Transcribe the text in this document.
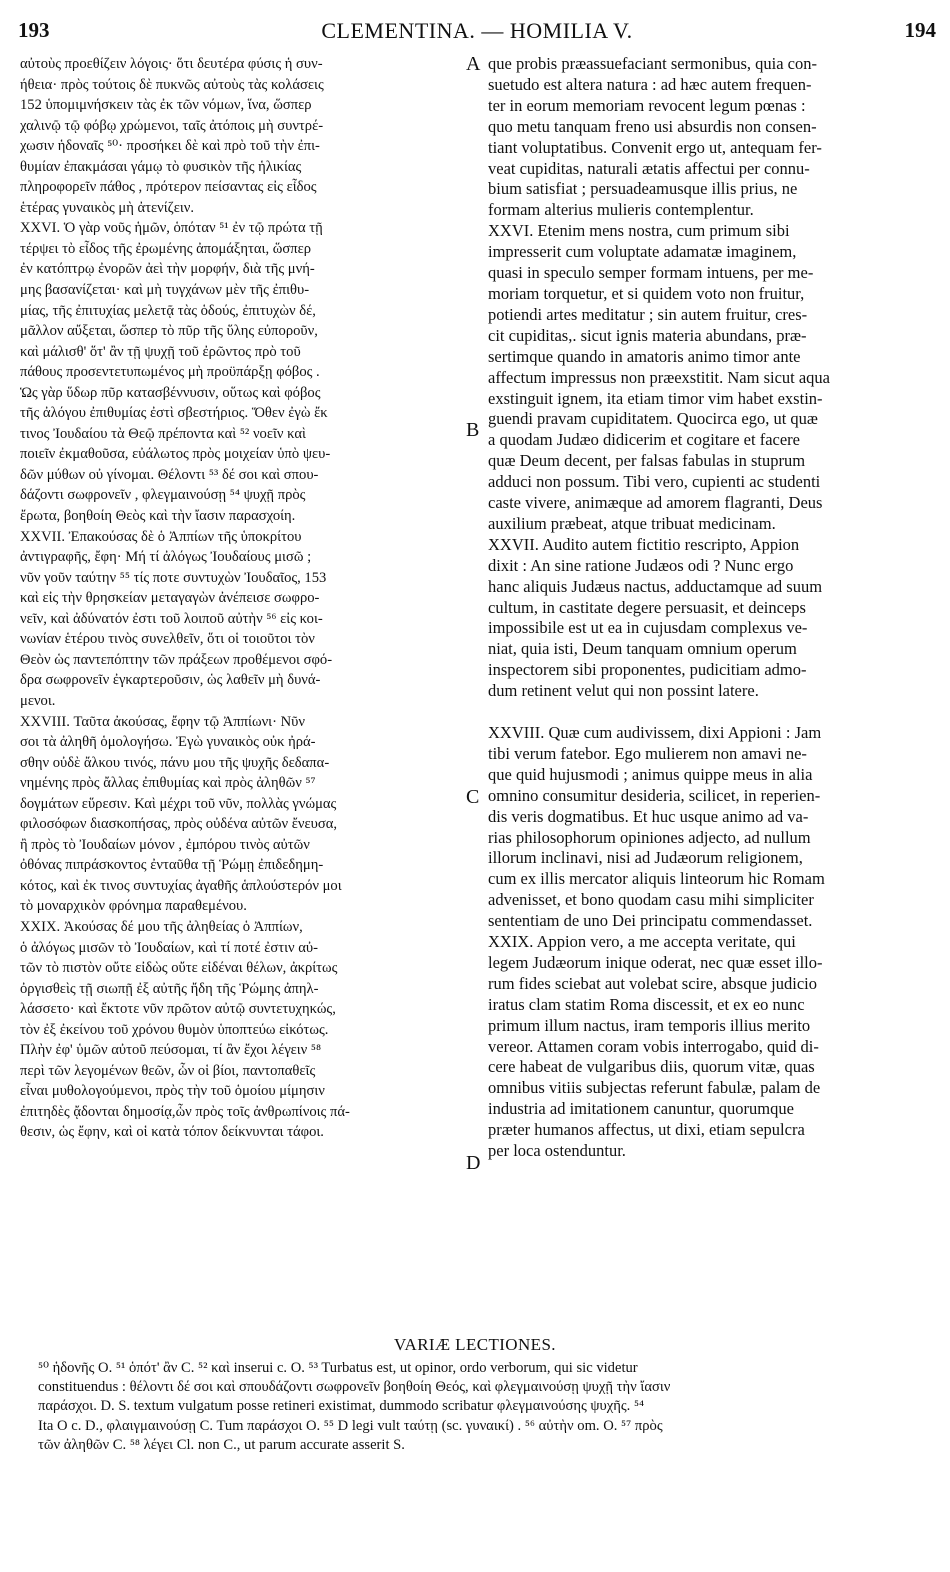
193	CLEMENTINA. — HOMILIA V.	194
αὐτοὺς προεθίζειν λόγοις· ὅτι δευτέρα φύσις ἡ συν-
ήθεια· πρὸς τούτοις δὲ πυκνῶς αὐτοὺς τὰς κολάσεις
152 ὑπομιμνήσκειν τὰς ἐκ τῶν νόμων, ἵνα, ὥσπερ
χαλινῷ τῷ φόβῳ χρώμενοι, ταῖς ἀτόποις μὴ συντρέ-
χωσιν ἡδοναῖς ⁵⁰· προσήκει δὲ καὶ πρὸ τοῦ τὴν ἐπι-
θυμίαν ἐπακμάσαι γάμῳ τὸ φυσικὸν τῆς ἡλικίας
πληροφορεῖν πάθος , πρότερον πείσαντας εἰς εἶδος
ἑτέρας γυναικὸς μὴ ἀτενίζειν.
XXVI. Ὁ γὰρ νοῦς ἡμῶν, ὁπόταν ⁵¹ ἐν τῷ πρώτα τῇ
τέρψει τὸ εἶδος τῆς ἐρωμένης ἀπομάξηται, ὥσπερ
ἐν κατόπτρῳ ἐνορῶν ἀεὶ τὴν μορφήν, διὰ τῆς μνή-
μης βασανίζεται· καὶ μὴ τυγχάνων μὲν τῆς ἐπιθυ-
μίας, τῆς ἐπιτυχίας μελετᾷ τὰς ὁδούς, ἐπιτυχὼν δέ,
μᾶλλον αὔξεται, ὥσπερ τὸ πῦρ τῆς ὕλης εὐποροῦν,
καὶ μάλισθ' ὅτ' ἂν τῇ ψυχῇ τοῦ ἐρῶντος πρὸ τοῦ
πάθους προσεντετυπωμένος μὴ προϋπάρξῃ φόβος .
Ὡς γὰρ ὕδωρ πῦρ κατασβέννυσιν, οὕτως καὶ φόβος
τῆς ἀλόγου ἐπιθυμίας ἐστὶ σβεστήριος. Ὅθεν ἐγὼ ἔκ
τινος Ἰουδαίου τὰ Θεῷ πρέποντα καὶ ⁵² νοεῖν καὶ
ποιεῖν ἐκμαθοῦσα, εὐάλωτος πρὸς μοιχείαν ὑπὸ ψευ-
δῶν μύθων οὐ γίνομαι. Θέλοντι ⁵³ δέ σοι καὶ σπου-
δάζοντι σωφρονεῖν , φλεγμαινούσῃ ⁵⁴ ψυχῇ πρὸς
ἔρωτα, βοηθοίη Θεὸς καὶ τὴν ἴασιν παρασχοίη.
XXVII. Ἐπακούσας δὲ ὁ Ἀππίων τῆς ὑποκρίτου
ἀντιγραφῆς, ἔφη· Μή τί ἀλόγως Ἰουδαίους μισῶ ;
νῦν γοῦν ταύτην ⁵⁵ τίς ποτε συντυχὼν Ἰουδαῖος, 153
καὶ εἰς τὴν θρησκείαν μεταγαγὼν ἀνέπεισε σωφρο-
νεῖν, καὶ ἀδύνατόν ἐστι τοῦ λοιποῦ αὐτὴν ⁵⁶ εἰς κοι-
νωνίαν ἑτέρου τινὸς συνελθεῖν, ὅτι οἱ τοιοῦτοι τὸν
Θεὸν ὡς παντεπόπτην τῶν πράξεων προθέμενοι σφό-
δρα σωφρονεῖν ἐγκαρτεροῦσιν, ὡς λαθεῖν μὴ δυνά-
μενοι.
XXVIII. Ταῦτα ἀκούσας, ἔφην τῷ Ἀππίωνι· Νῦν
σοι τὰ ἀληθῆ ὁμολογήσω. Ἐγὼ γυναικὸς οὐκ ἠρά-
σθην οὐδὲ ἄλκου τινός, πάνυ μου τῆς ψυχῆς δεδαπα-
νημένης πρὸς ἄλλας ἐπιθυμίας καὶ πρὸς ἀληθῶν ⁵⁷
δογμάτων εὕρεσιν. Καὶ μέχρι τοῦ νῦν, πολλὰς γνώμας
φιλοσόφων διασκοπήσας, πρὸς οὐδένα αὐτῶν ἔνευσα,
ἢ πρὸς τὸ Ἰουδαίων μόνον , ἐμπόρου τινὸς αὐτῶν
ὀθόνας πιπράσκοντος ἐνταῦθα τῇ Ῥώμῃ ἐπιδεδημη-
κότος, καὶ ἐκ τινος συντυχίας ἀγαθῆς ἁπλούστερόν μοι
τὸ μοναρχικὸν φρόνημα παραθεμένου.
XXIX. Ἀκούσας δέ μου τῆς ἀληθείας ὁ Ἀππίων,
ὁ ἀλόγως μισῶν τὸ Ἰουδαίων, καὶ τί ποτέ ἐστιν αὐ-
τῶν τὸ πιστὸν οὔτε εἰδὼς οὔτε εἰδέναι θέλων, ἀκρίτως
ὀργισθεὶς τῇ σιωπῇ ἐξ αὐτῆς ἤδη τῆς Ῥώμης ἀπηλ-
λάσσετο· καὶ ἔκτοτε νῦν πρῶτον αὐτῷ συντετυχηκώς,
τὸν ἐξ ἐκείνου τοῦ χρόνου θυμὸν ὑποπτεύω εἰκότως.
Πλὴν ἐφ' ὑμῶν αὐτοῦ πεύσομαι, τί ἂν ἔχοι λέγειν ⁵⁸
περὶ τῶν λεγομένων θεῶν, ὧν οἱ βίοι, παντοπαθεῖς
εἶναι μυθολογούμενοι, πρὸς τὴν τοῦ ὁμοίου μίμησιν
ἐπιτηδὲς ᾄδονται δημοσίᾳ,ὧν πρὸς τοῖς ἀνθρωπίνοις πά-
θεσιν, ὡς ἔφην, καὶ οἱ κατὰ τόπον δείκνυνται τάφοι.
A
B
C
D
que probis præassuefaciant sermonibus, quia con-
suetudo est altera natura : ad hæc autem frequen-
ter in eorum memoriam revocent legum pœnas :
quo metu tanquam freno usi absurdis non consen-
tiant voluptatibus. Convenit ergo ut, antequam fer-
veat cupiditas, naturali ætatis affectui per connu-
bium satisfiat ; persuadeamusque illis prius, ne
formam alterius mulieris contemplentur.
XXVI. Etenim mens nostra, cum primum sibi
impresserit cum voluptate adamatæ imaginem,
quasi in speculo semper formam intuens, per me-
moriam torquetur, et si quidem voto non fruitur,
potiendi artes meditatur ; sin autem fruitur, cres-
cit cupiditas,. sicut ignis materia abundans, præ-
sertimque quando in amatoris animo timor ante
affectum impressus non præexstitit. Nam sicut aqua
exstinguit ignem, ita etiam timor vim habet exstin-
guendi pravam cupiditatem. Quocirca ego, ut quæ
a quodam Judæo didicerim et cogitare et facere
quæ Deum decent, per falsas fabulas in stuprum
adduci non possum. Tibi vero, cupienti ac studenti
caste vivere, animæque ad amorem flagranti, Deus
auxilium præbeat, atque tribuat medicinam.
XXVII. Audito autem fictitio rescripto, Appion
dixit : An sine ratione Judæos odi ? Nunc ergo
hanc aliquis Judæus nactus, adductamque ad suum
cultum, in castitate degere persuasit, et deinceps
impossibile est ut ea in cujusdam complexus ve-
niat, quia isti, Deum tanquam omnium operum
inspectorem sibi proponentes, pudicitiam admo-
dum retinent velut qui non possint latere.
XXVIII. Quæ cum audivissem, dixi Appioni : Jam
tibi verum fatebor. Ego mulierem non amavi ne-
que quid hujusmodi ; animus quippe meus in alia
omnino consumitur desideria, scilicet, in reperien-
dis veris dogmatibus. Et huc usque animo ad va-
rias philosophorum opiniones adjecto, ad nullum
illorum inclinavi, nisi ad Judæorum religionem,
cum ex illis mercator aliquis linteorum hic Romam
advenisset, et bono quodam casu mihi simpliciter
sententiam de uno Dei principatu commendasset.
XXIX. Appion vero, a me accepta veritate, qui
legem Judæorum inique oderat, nec quæ esset illo-
rum fides sciebat aut volebat scire, absque judicio
iratus clam statim Roma discessit, et ex eo nunc
primum illum nactus, iram temporis illius merito
vereor. Attamen coram vobis interrogabo, quid di-
cere habeat de vulgaribus diis, quorum vitæ, quas
omnibus vitiis subjectas referunt fabulæ, palam de
industria ad imitationem canuntur, quorumque
præter humanos affectus, ut dixi, etiam sepulcra
per loca ostenduntur.
VARIÆ LECTIONES.
⁵⁰ ἡδονῆς O. ⁵¹ ὁπότ' ἂν C. ⁵² καὶ inserui c. O. ⁵³ Turbatus est, ut opinor, ordo verborum, qui sic videtur
constituendus : θέλοντι δέ σοι καὶ σπουδάζοντι σωφρονεῖν βοηθοίη Θεός, καὶ φλεγμαινούσῃ ψυχῇ τὴν ἴασιν
παράσχοι. D. S. textum vulgatum posse retineri existimat, dummodo scribatur φλεγμαινούσης ψυχῆς. ⁵⁴
Ita O c. D., φλαιγμαινούσῃ C. Tum παράσχοι O. ⁵⁵ D legi vult ταύτῃ (sc. γυναικί) . ⁵⁶ αὐτὴν om. O. ⁵⁷ πρὸς
τῶν ἀληθῶν C. ⁵⁸ λέγει Cl. non C., ut parum accurate asserit S.
